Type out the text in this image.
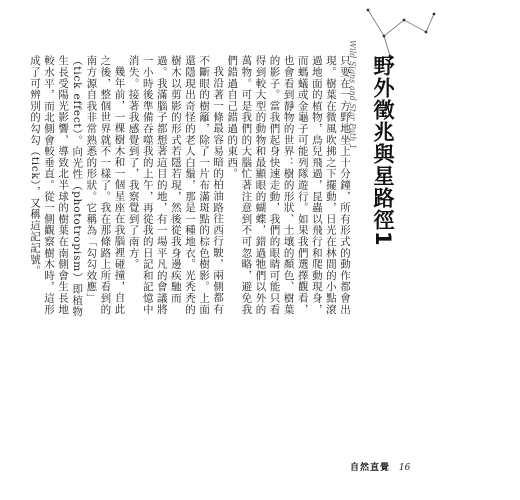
野外徵兆與星路徑1
Wild Signs and Star Path 1

只要在一方野地坐上十分鐘，所有形式的動作都會出現。樹葉在微風吹拂之下擺動，日光在林間的小點滾過地面的植物，鳥兒飛過，昆蟲以飛行和爬動現身，而螞蟻或金龜子可能列隊遊行。如果我們選擇觀看，也會看到靜物的世界：樹的形狀、土壤的顏色、樹葉的影子。當我們起身快速走動，我們的眼睛可能只看得到較大型的動物和最顯眼的蝴蝶，錯過牠們以外的萬物。可是我們的大腦忙著注意到不可忽略，避免我們錯過自己錯過的東西。

我沿著一條最容易暗的柏油路往西行駛，兩側都有不斷眼的樹籬，除了一片布滿斑點的棕色樹影。上面還隱現出奇怪的老人白鬚，那是一種地衣。光秃秃的樹木以剪影的形式若隱若現，然後從我身邊疾馳而過。我滿腦子都想著這目的地，有一場平凡的會議將一小時後準備吞噬我的上午，再從我的日記和記憶中消失。接著我感覺到了，我察覺到了南方。

幾年前，一棵樹木和一個星座在我腦裡碰撞，自此之後，整個世界就不一樣了。我在那條路上所看到的南方源自我非常熟悉的形狀。它稱為「勾勾效應」（tick effect）。向光性（phototropism）即植物生長受陽光影響，導致北半球的樹葉在南側會生長地較水平，而北側會較垂直。從一側觀察樹木時，這形成了可辨別的勾勾（tick），又稱這記記號。

自然直覺 16
